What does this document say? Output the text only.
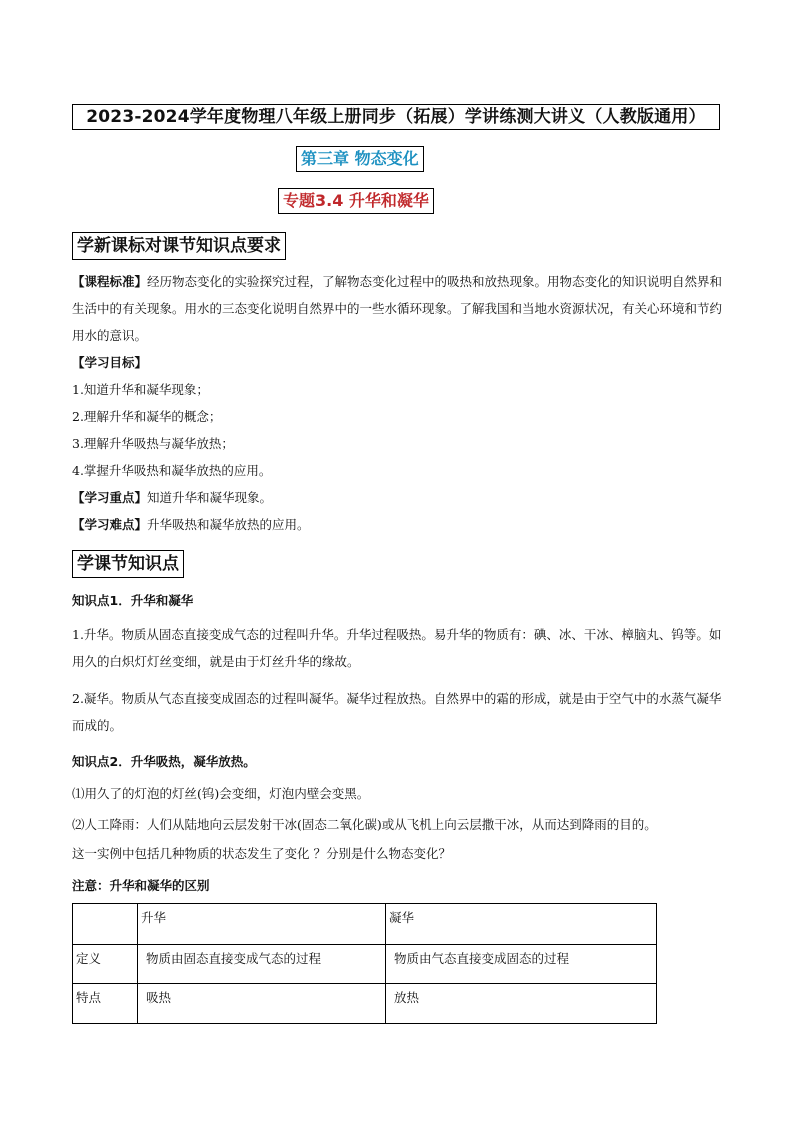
2023-2024学年度物理八年级上册同步（拓展）学讲练测大讲义（人教版通用）
第三章 物态变化
专题3.4 升华和凝华
学新课标对课节知识点要求

【课程标准】经历物态变化的实验探究过程，了解物态变化过程中的吸热和放热现象。用物态变化的知识说明自然界和生活中的有关现象。用水的三态变化说明自然界中的一些水循环现象。了解我国和当地水资源状况，有关心环境和节约用水的意识。

【学习目标】
1.知道升华和凝华现象；
2.理解升华和凝华的概念；
3.理解升华吸热与凝华放热；
4.掌握升华吸热和凝华放热的应用。
【学习重点】知道升华和凝华现象。
【学习难点】升华吸热和凝华放热的应用。
学课节知识点
知识点1．升华和凝华

1.升华。物质从固态直接变成气态的过程叫升华。升华过程吸热。易升华的物质有：碘、冰、干冰、樟脑丸、钨等。如用久的白炽灯灯丝变细，就是由于灯丝升华的缘故。

2.凝华。物质从气态直接变成固态的过程叫凝华。凝华过程放热。自然界中的霜的形成，就是由于空气中的水蒸气凝华而成的。

知识点2．升华吸热，凝华放热。
⑴用久了的灯泡的灯丝(钨)会变细，灯泡内壁会变黑。
⑵人工降雨：人们从陆地向云层发射干冰(固态二氧化碳)或从飞机上向云层撒干冰，从而达到降雨的目的。
这一实例中包括几种物质的状态发生了变化 ？分别是什么物态变化？
注意：升华和凝华的区别
	升华	凝华
定义	物质由固态直接变成气态的过程	物质由气态直接变成固态的过程
特点	吸热	放热
